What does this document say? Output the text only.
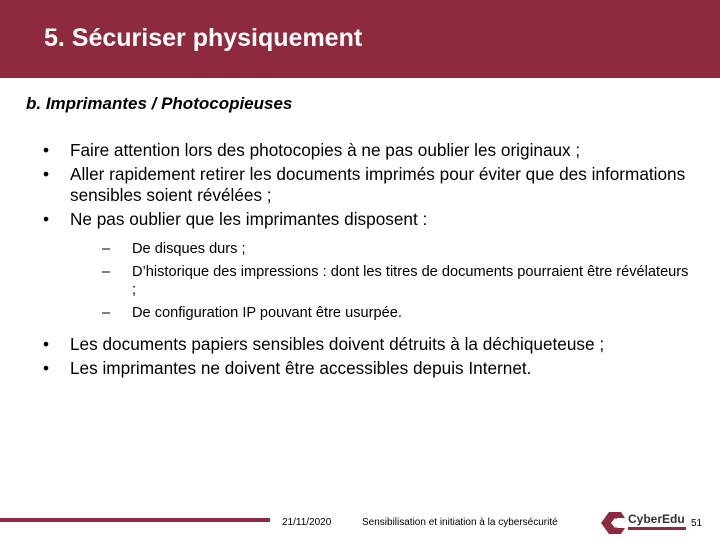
5. Sécuriser physiquement
b. Imprimantes / Photocopieuses
• Faire attention lors des photocopies à ne pas oublier les originaux ;
• Aller rapidement retirer les documents imprimés pour éviter que des informations sensibles soient révélées ;
• Ne pas oublier que les imprimantes disposent :
– De disques durs ;
– D’historique des impressions : dont les titres de documents pourraient être révélateurs ;
– De configuration IP pouvant être usurpée.
• Les documents papiers sensibles doivent détruits à la déchiqueteuse ;
• Les imprimantes ne doivent être accessibles depuis Internet.
21/11/2020	Sensibilisation et initiation à la cybersécurité	CyberEdu 51
